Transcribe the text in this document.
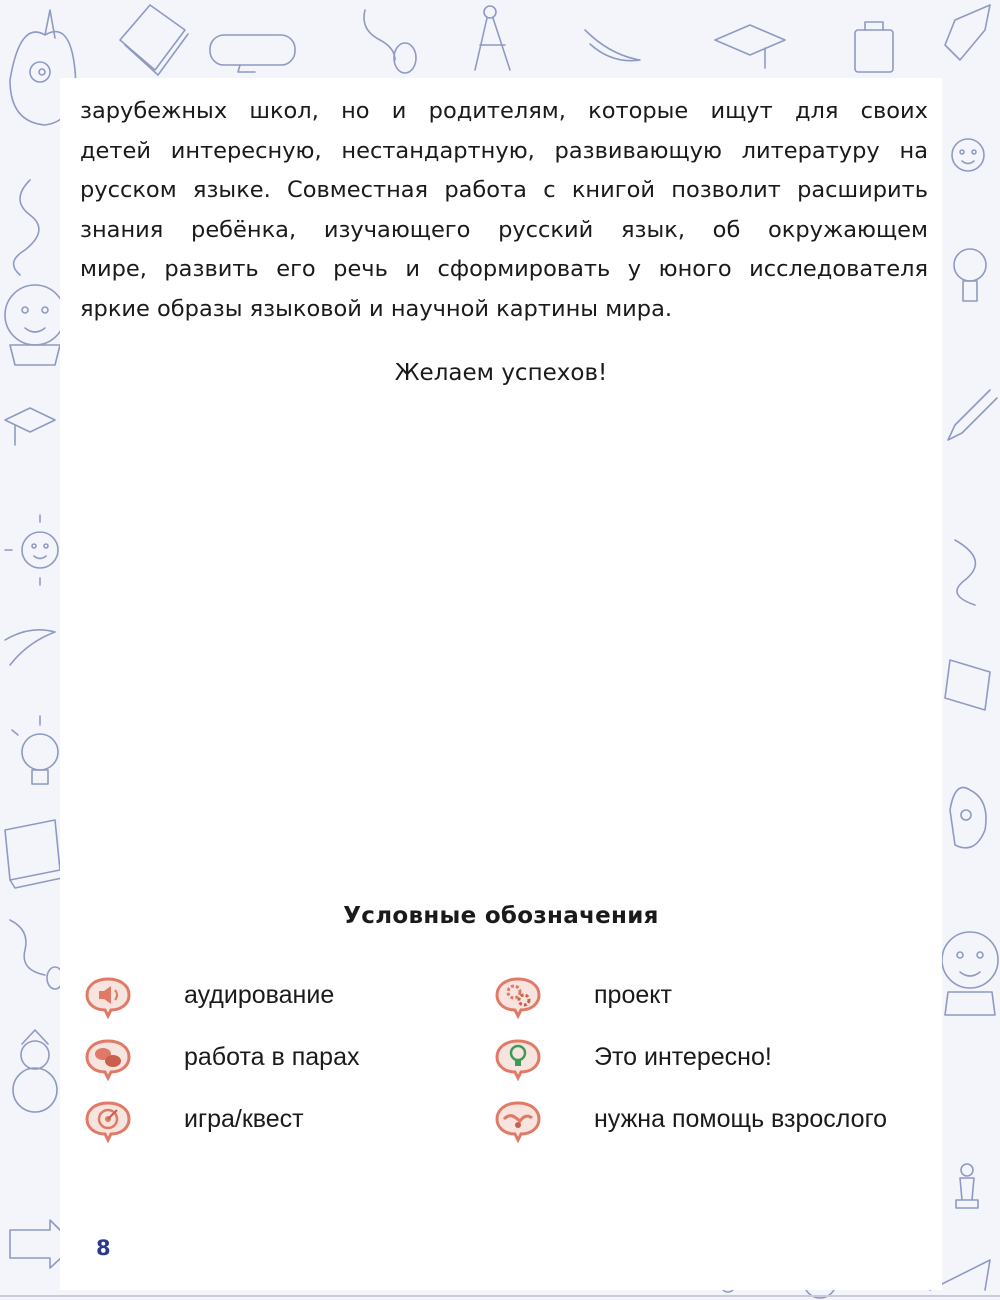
зарубежных школ, но и родителям, которые ищут для своих
детей интересную, нестандартную, развивающую литературу на
русском языке. Совместная работа с книгой позволит расширить
знания ребёнка, изучающего русский язык, об окружающем
мире, развить его речь и сформировать у юного исследователя
яркие образы языковой и научной картины мира.
Желаем успехов!
Условные обозначения
аудирование
работа в парах
игра/квест
проект
Это интересно!
нужна помощь взрослого
8
